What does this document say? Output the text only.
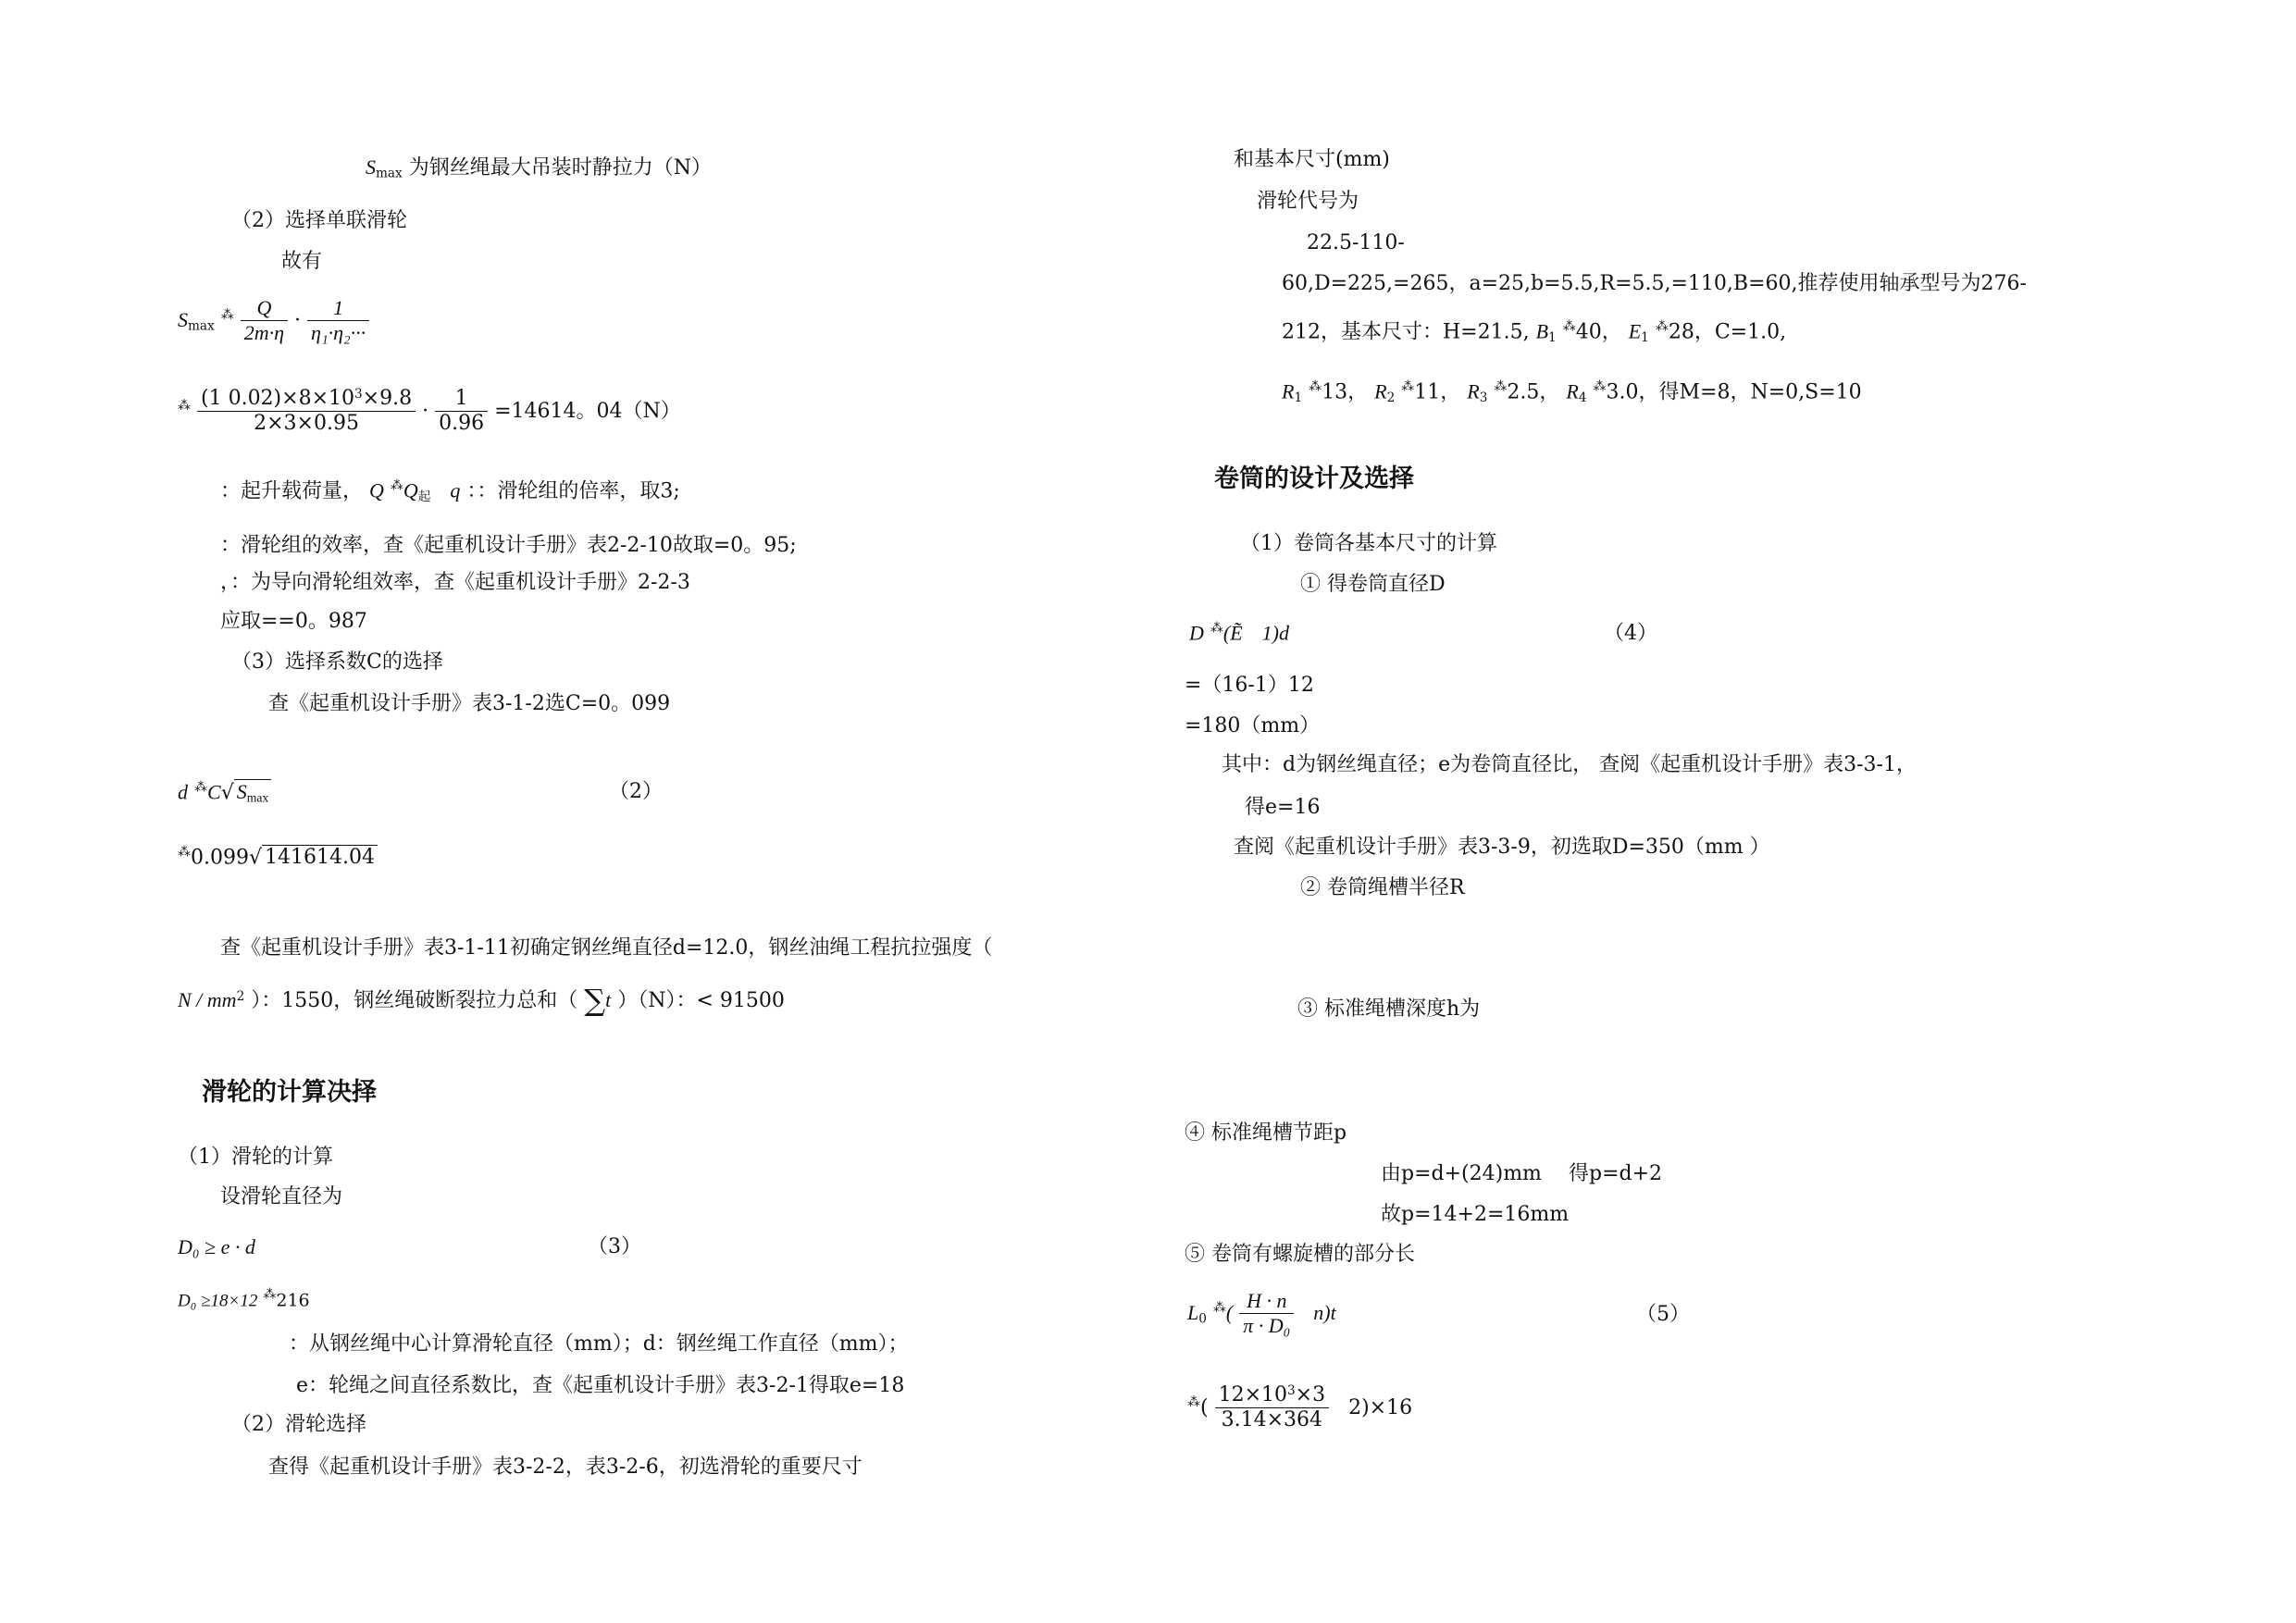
Smax 为钢丝绳最大吊装时静拉力（N）
（2）选择单联滑轮
故有
Smax $^⁂ \frac{Q}{2m\cdot\eta} \cdot \frac{1}{\text{η₁·η₂···}}$
$^⁂ \frac{(1 0.02)\times 8\times 10^3\times 9.8}{2\times 3\times 0.95} \cdot \frac{1}{0.96} =14614$。04（N）
：起升载荷量， Q ⁂Q起 q ：：滑轮组的倍率，取3;
：滑轮组的效率，查《起重机设计手册》表2-2-10故取=0。95;
，：为导向滑轮组效率，查《起重机设计手册》2-2-3
应取==0。987
（3）选择系数C的选择
查《起重机设计手册》表3-1-2选C=0。099
d ⁂C√ Smax	（2）
⁂0.099√ 141614.04
查《起重机设计手册》表3-1-11初确定钢丝绳直径d=12.0，钢丝油绳工程抗拉强度（
N / $mm^2$ ）：1550，钢丝绳破断裂拉力总和（ ∑t ）（N）：< 91500
滑轮的计算决择
（1）滑轮的计算
设滑轮直径为
D₀ ≥ e · d	（3）
D₀ ≥18×12 ⁂216
：从钢丝绳中心计算滑轮直径（mm）；d：钢丝绳工作直径（mm）；
e：轮绳之间直径系数比，查《起重机设计手册》表3-2-1得取e=18
（2）滑轮选择
查得《起重机设计手册》表3-2-2，表3-2-6，初选滑轮的重要尺寸
和基本尺寸(mm)
滑轮代号为
22.5-110-
60,D=225,=265，a=25,b=5.5,R=5.5,=110,B=60,推荐使用轴承型号为276-
212，基本尺寸：H=21.5, B1 ⁂40， E1 ⁂28，C=1.0,
R1 ⁂13， R2 ⁂11， R3 ⁂2.5， R4 ⁂3.0，得M=8，N=0,S=10
卷筒的设计及选择
（1）卷筒各基本尺寸的计算
① 得卷筒直径D
D ⁂(Ẽ 1)d	（4）
=（16-1）12
=180（mm）
其中：d为钢丝绳直径；e为卷筒直径比， 查阅《起重机设计手册》表3-3-1，
得e=16
查阅《起重机设计手册》表3-3-9，初选取D=350（mm ）
② 卷筒绳槽半径R
③ 标准绳槽深度h为
④ 标准绳槽节距p
由p=d+(24)mm 得p=d+2
故p=14+2=16mm
⑤ 卷筒有螺旋槽的部分长
L0 $^⁂( \frac{H \cdot n}{\text{π · D₀}} n)t$	（5）
$^⁂( \frac{12\times 10^3\times 3}{3.14\times 364} 2)\times 16$
